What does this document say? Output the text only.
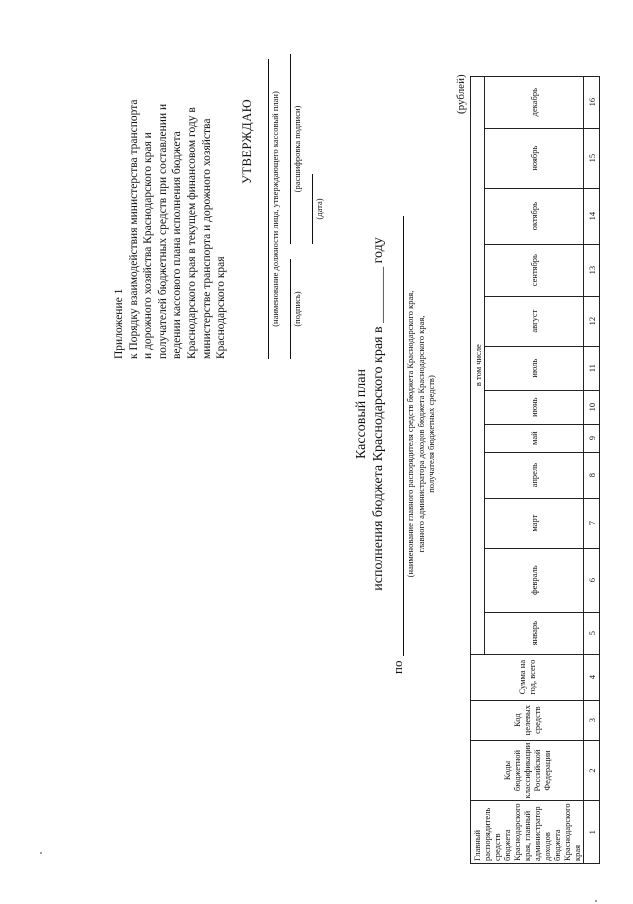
Приложение 1 к Порядку взаимодействия министерства транспорта и дорожного хозяйства Краснодарского края и получателей бюджетных средств при составлении и ведении кассового плана исполнения бюджета Краснодарского края в текущем финансовом году в министерстве транспорта и дорожного хозяйства Краснодарского края
УТВЕРЖДАЮ (наименование должности лица, утверждающего кассовый план) (подпись)
(расшифровка подписи)
(дата)
Кассовый план исполнения бюджета Краснодарского края в ________ году
по
(наименование главного распорядителя средств бюджета Краснодарского края, главного администратора доходов бюджета Краснодарского края, получателя бюджетных средств)
(рублей)
Главный распорядитель средств бюджета Краснодарского края, главный администратор доходов бюджета Краснодарского края	Коды бюджетной классификации Российской Федерации	Код целевых средств	Сумма на год, всего	в том числе											
				январь	февраль	март	апрель	май	июнь	июль	август	сентябрь	октябрь	ноябрь	декабрь
1	2	3	4	5	6	7	8	9	10	11	12	13	14	15	16
